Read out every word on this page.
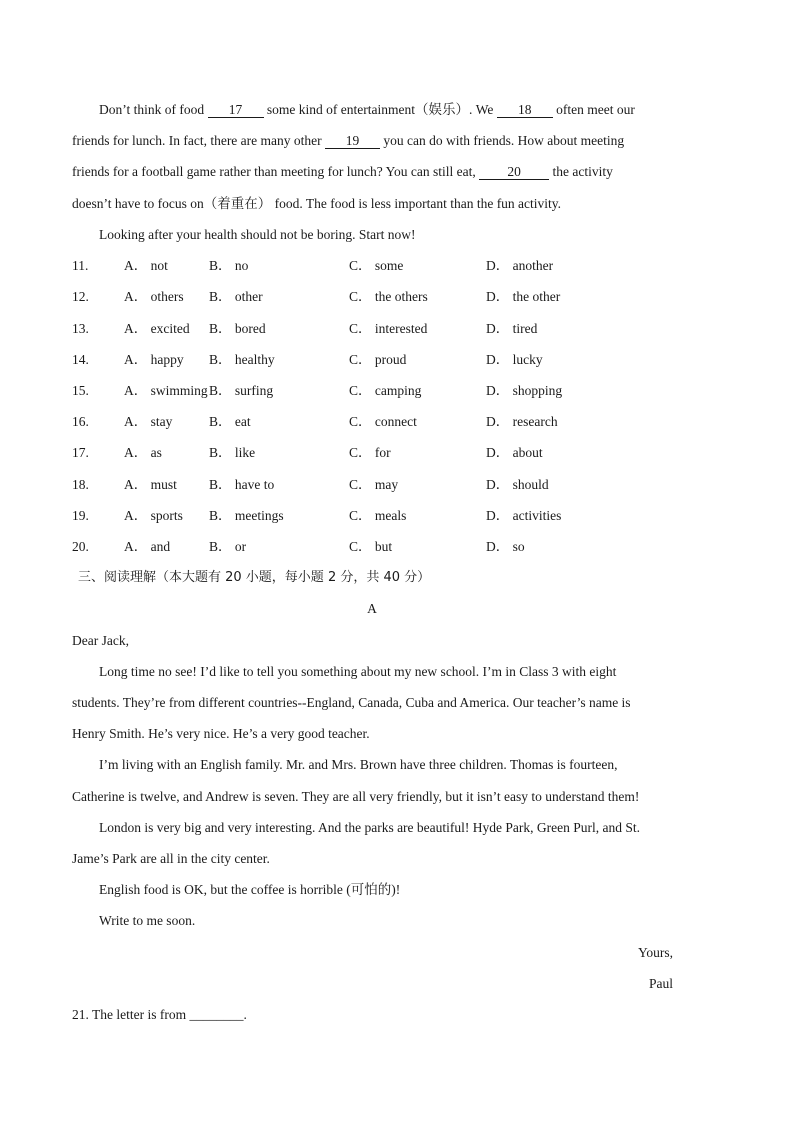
Don’t think of food 17 some kind of entertainment（娱乐）. We 18 often meet our
friends for lunch. In fact, there are many other 19 you can do with friends. How about meeting
friends for a football game rather than meeting for lunch? You can still eat, 20 the activity
doesn’t have to focus on（着重在） food. The food is less important than the fun activity.
Looking after your health should not be boring. Start now!
11.	A． not	B． no	C． some	D． another
12.	A． others B． other	C． the others	D． the other
13.	A． excited B． bored	C． interested	D． tired
14.	A． happy B． healthy	C． proud	D． lucky
15.	A． swimming B． surfing	C． camping	D． shopping
16.	A． stay	B． eat	C． connect	D． research
17.	A． as	B． like	C． for	D． about
18.	A． must B． have to	C． may	D． should
19.	A． sports B． meetings	C． meals	D． activities
20.	A． and	B． or	C． but	D． so
三、阅读理解（本大题有 20 小题，每小题 2 分，共 40 分）
A
Dear Jack,
Long time no see! I’d like to tell you something about my new school. I’m in Class 3 with eight
students. They’re from different countries--England, Canada, Cuba and America. Our teacher’s name is
Henry Smith. He’s very nice. He’s a very good teacher.
I’m living with an English family. Mr. and Mrs. Brown have three children. Thomas is fourteen,
Catherine is twelve, and Andrew is seven. They are all very friendly, but it isn’t easy to understand them!
London is very big and very interesting. And the parks are beautiful! Hyde Park, Green Purl, and St.
Jame’s Park are all in the city center.
English food is OK, but the coffee is horrible (可怕的)!
Write to me soon.
Yours,
Paul
21. The letter is from ________.
